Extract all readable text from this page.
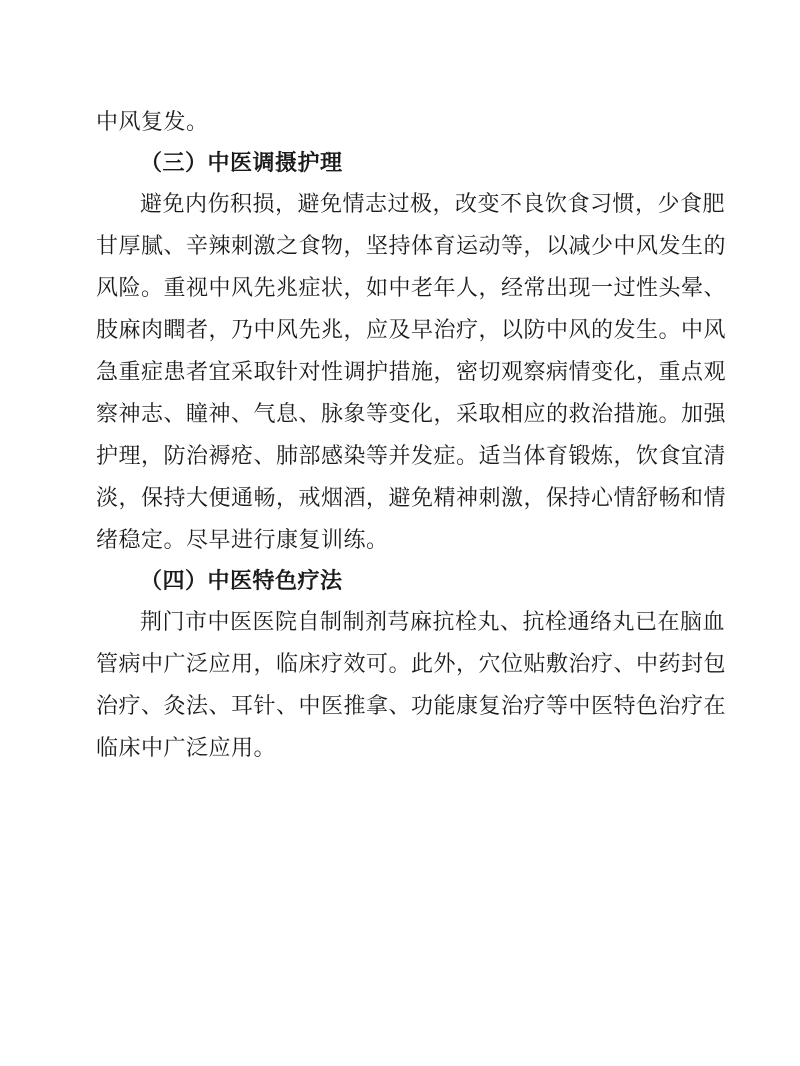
中风复发。
（三）中医调摄护理
避免内伤积损，避免情志过极，改变不良饮食习惯，少食肥
甘厚腻、辛辣刺激之食物，坚持体育运动等，以减少中风发生的
风险。重视中风先兆症状，如中老年人，经常出现一过性头晕、
肢麻肉瞤者，乃中风先兆，应及早治疗，以防中风的发生。中风
急重症患者宜采取针对性调护措施，密切观察病情变化，重点观
察神志、瞳神、气息、脉象等变化，采取相应的救治措施。加强
护理，防治褥疮、肺部感染等并发症。适当体育锻炼，饮食宜清
淡，保持大便通畅，戒烟酒，避免精神刺激，保持心情舒畅和情
绪稳定。尽早进行康复训练。
（四）中医特色疗法
荆门市中医医院自制制剂芎麻抗栓丸、抗栓通络丸已在脑血
管病中广泛应用，临床疗效可。此外，穴位贴敷治疗、中药封包
治疗、灸法、耳针、中医推拿、功能康复治疗等中医特色治疗在
临床中广泛应用。
